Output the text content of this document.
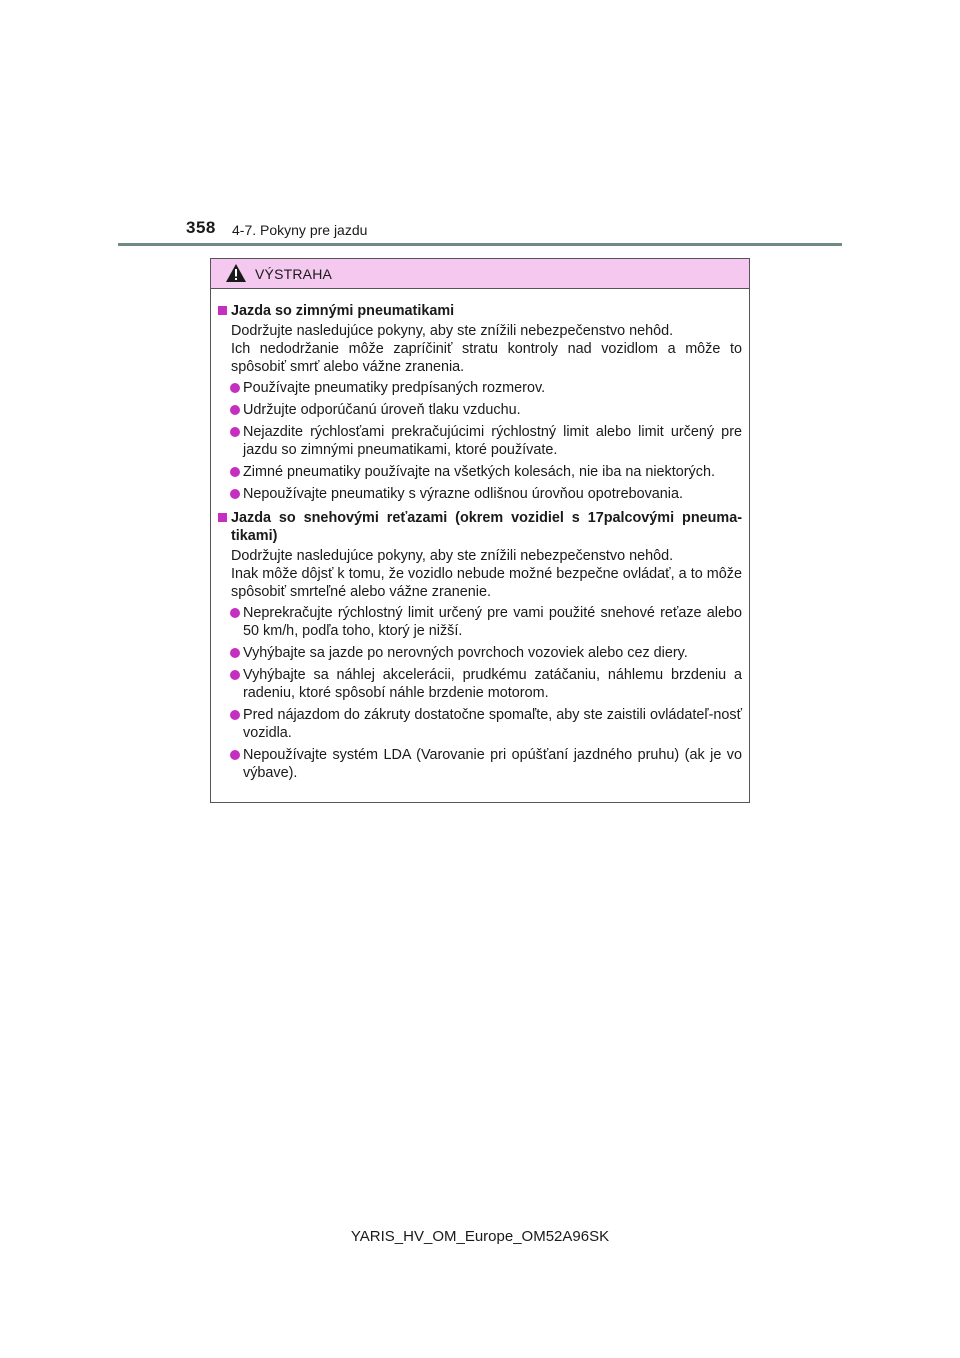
358 4-7. Pokyny pre jazdu
VÝSTRAHA
Jazda so zimnými pneumatikami
Dodržujte nasledujúce pokyny, aby ste znížili nebezpečenstvo nehôd.
Ich nedodržanie môže zapríčiniť stratu kontroly nad vozidlom a môže to spôsobiť smrť alebo vážne zranenia.
Používajte pneumatiky predpísaných rozmerov.
Udržujte odporúčanú úroveň tlaku vzduchu.
Nejazdite rýchlosťami prekračujúcimi rýchlostný limit alebo limit určený pre jazdu so zimnými pneumatikami, ktoré používate.
Zimné pneumatiky používajte na všetkých kolesách, nie iba na niektorých.
Nepoužívajte pneumatiky s výrazne odlišnou úrovňou opotrebovania.
Jazda so snehovými reťazami (okrem vozidiel s 17palcovými pneuma-tikami)
Dodržujte nasledujúce pokyny, aby ste znížili nebezpečenstvo nehôd.
Inak môže dôjsť k tomu, že vozidlo nebude možné bezpečne ovládať, a to môže spôsobiť smrteľné alebo vážne zranenie.
Neprekračujte rýchlostný limit určený pre vami použité snehové reťaze alebo 50 km/h, podľa toho, ktorý je nižší.
Vyhýbajte sa jazde po nerovných povrchoch vozoviek alebo cez diery.
Vyhýbajte sa náhlej akcelerácii, prudkému zatáčaniu, náhlemu brzdeniu a radeniu, ktoré spôsobí náhle brzdenie motorom.
Pred nájazdom do zákruty dostatočne spomaľte, aby ste zaistili ovládateľ-nosť vozidla.
Nepoužívajte systém LDA (Varovanie pri opúšťaní jazdného pruhu) (ak je vo výbave).
YARIS_HV_OM_Europe_OM52A96SK
